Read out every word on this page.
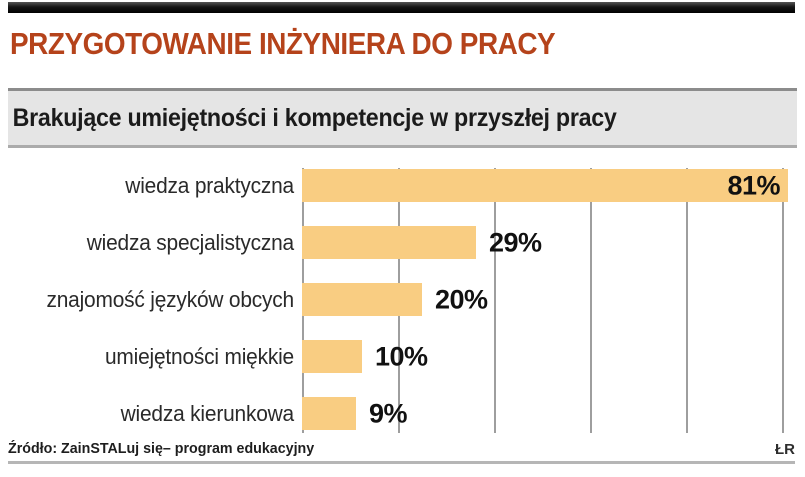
PRZYGOTOWANIE INŻYNIERA DO PRACY
Brakujące umiejętności i kompetencje w przyszłej pracy
wiedza praktyczna	81%
wiedza specjalistyczna	29%
znajomość języków obcych	20%
umiejętności miękkie	10%
wiedza kierunkowa	9%
Źródło: ZainSTALuj się– program edukacyjny	ŁR
